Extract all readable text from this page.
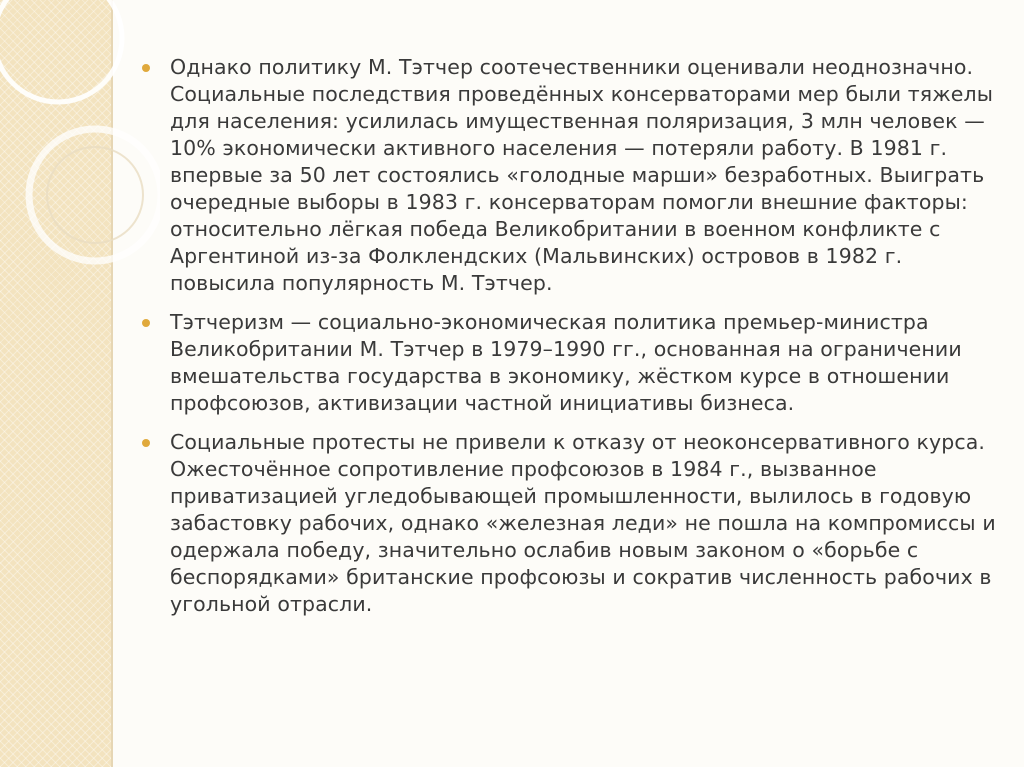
Однако политику М. Тэтчер соотечественники оценивали неоднозначно. Социальные последствия проведённых консерваторами мер были тяжелы для населения: усилилась имущественная поляризация, 3 млн человек — 10% экономически активного населения — потеряли работу. В 1981 г. впервые за 50 лет состоялись «голодные марши» безработных. Выиграть очередные выборы в 1983 г. консерваторам помогли внешние факторы: относительно лёгкая победа Великобритании в военном конфликте с Аргентиной из-за Фолклендских (Мальвинских) островов в 1982 г. повысила популярность М. Тэтчер.
Тэтчеризм — социально-экономическая политика премьер-министра Великобритании М. Тэтчер в 1979–1990 гг., основанная на ограничении вмешательства государства в экономику, жёстком курсе в отношении профсоюзов, активизации частной инициативы бизнеса.
Социальные протесты не привели к отказу от неоконсервативного курса. Ожесточённое сопротивление профсоюзов в 1984 г., вызванное приватизацией угледобывающей промышленности, вылилось в годовую забастовку рабочих, однако «железная леди» не пошла на компромиссы и одержала победу, значительно ослабив новым законом о «борьбе с беспорядками» британские профсоюзы и сократив численность рабочих в угольной отрасли.
